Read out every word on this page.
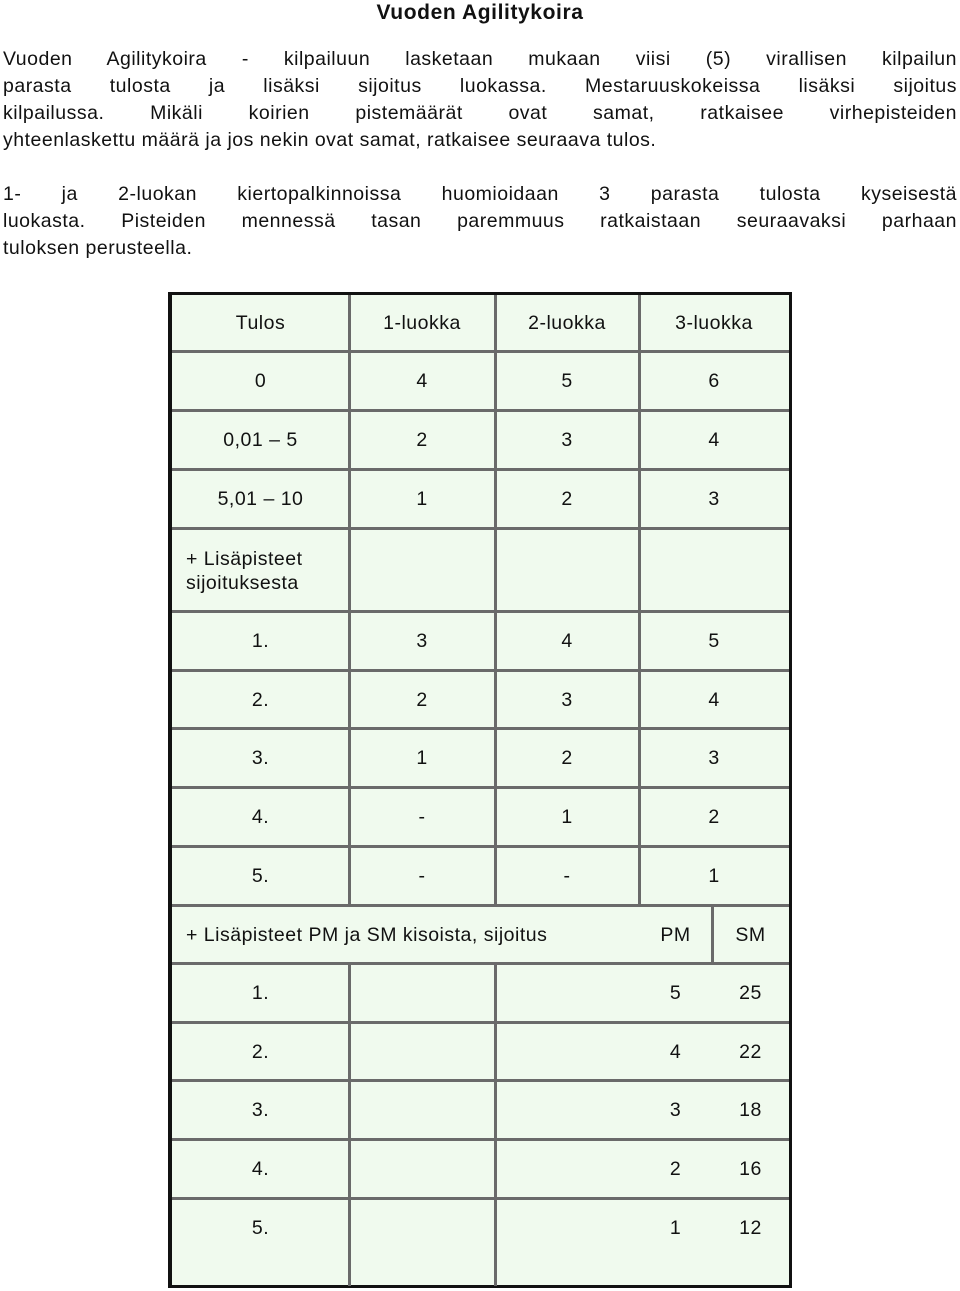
Vuoden Agilitykoira

Vuoden Agilitykoira - kilpailuun lasketaan mukaan viisi (5) virallisen kilpailun
parasta tulosta ja lisäksi sijoitus luokassa. Mestaruuskokeissa lisäksi sijoitus
kilpailussa. Mikäli koirien pistemäärät ovat samat, ratkaisee virhepisteiden
yhteenlaskettu määrä ja jos nekin ovat samat, ratkaisee seuraava tulos.

1- ja 2-luokan kiertopalkinnoissa huomioidaan 3 parasta tulosta kyseisestä
luokasta. Pisteiden mennessä tasan paremmuus ratkaistaan seuraavaksi parhaan
tuloksen perusteella.

Tulos	1-luokka	2-luokka	3-luokka
0	4	5	6
0,01 – 5	2	3	4
5,01 – 10	1	2	3
+ Lisäpisteet sijoituksesta
1.	3	4	5
2.	2	3	4
3.	1	2	3
4.	-	1	2
5.	-	-	1
+ Lisäpisteet PM ja SM kisoista, sijoitus	PM	SM
1.	5	25
2.	4	22
3.	3	18
4.	2	16
5.	1	12
